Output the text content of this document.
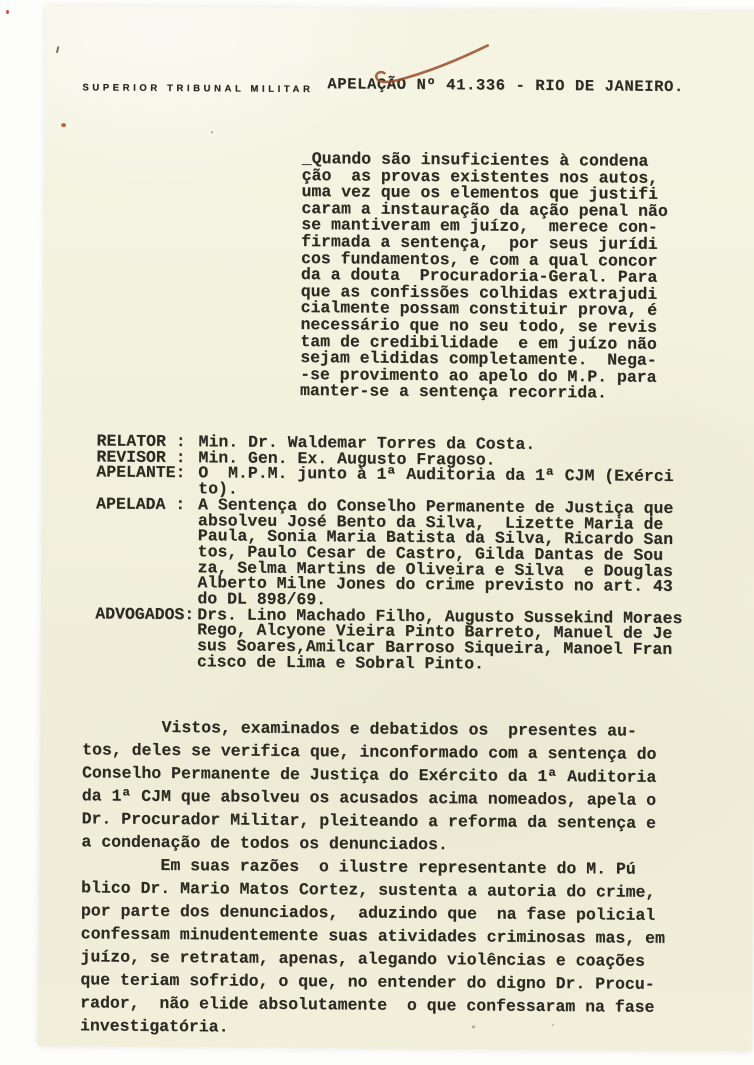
SUPERIOR TRIBUNAL MILITAR APELAÇÃO Nº 41.336 - RIO DE JANEIRO.
_Quando são insuficientes à condena
ção  as provas existentes nos autos,
uma vez que os elementos que justifi
caram a instauração da ação penal não
se mantiveram em juízo,  merece con-
firmada a sentença,  por seus jurídi
cos fundamentos, e com a qual concor
da a douta  Procuradoria-Geral. Para
que as confissões colhidas extrajudi
cialmente possam constituir prova, é
necessário que no seu todo, se revis
tam de credibilidade  e em juízo não
sejam elididas completamente.  Nega-
-se provimento ao apelo do M.P. para
manter-se a sentença recorrida.
RELATOR : Min. Dr. Waldemar Torres da Costa.
REVISOR : Min. Gen. Ex. Augusto Fragoso.
APELANTE: O  M.P.M. junto à 1ª Auditoria da 1ª CJM (Exérci
to).
APELADA : A Sentença do Conselho Permanente de Justiça que
absolveu José Bento da Silva,  Lizette Maria de
Paula, Sonia Maria Batista da Silva, Ricardo San
tos, Paulo Cesar de Castro, Gilda Dantas de Sou
za, Selma Martins de Oliveira e Silva  e Douglas
Alberto Milne Jones do crime previsto no art. 43
do DL 898/69.
ADVOGADOS: Drs. Lino Machado Filho, Augusto Sussekind Moraes
Rego, Alcyone Vieira Pinto Barreto, Manuel de Je
sus Soares,Amilcar Barroso Siqueira, Manoel Fran
cisco de Lima e Sobral Pinto.
Vistos, examinados e debatidos os  presentes au-
tos, deles se verifica que, inconformado com a sentença do
Conselho Permanente de Justiça do Exército da 1ª Auditoria
da 1ª CJM que absolveu os acusados acima nomeados, apela o
Dr. Procurador Militar, pleiteando a reforma da sentença e
a condenação de todos os denunciados.
Em suas razões  o ilustre representante do M. Pú
blico Dr. Mario Matos Cortez, sustenta a autoria do crime,
por parte dos denunciados,  aduzindo que  na fase policial
confessam minudentemente suas atividades criminosas mas, em
juízo, se retratam, apenas, alegando violências e coações
que teriam sofrido, o que, no entender do digno Dr. Procu-
rador,  não elide absolutamente  o que confessaram na fase
investigatória.
